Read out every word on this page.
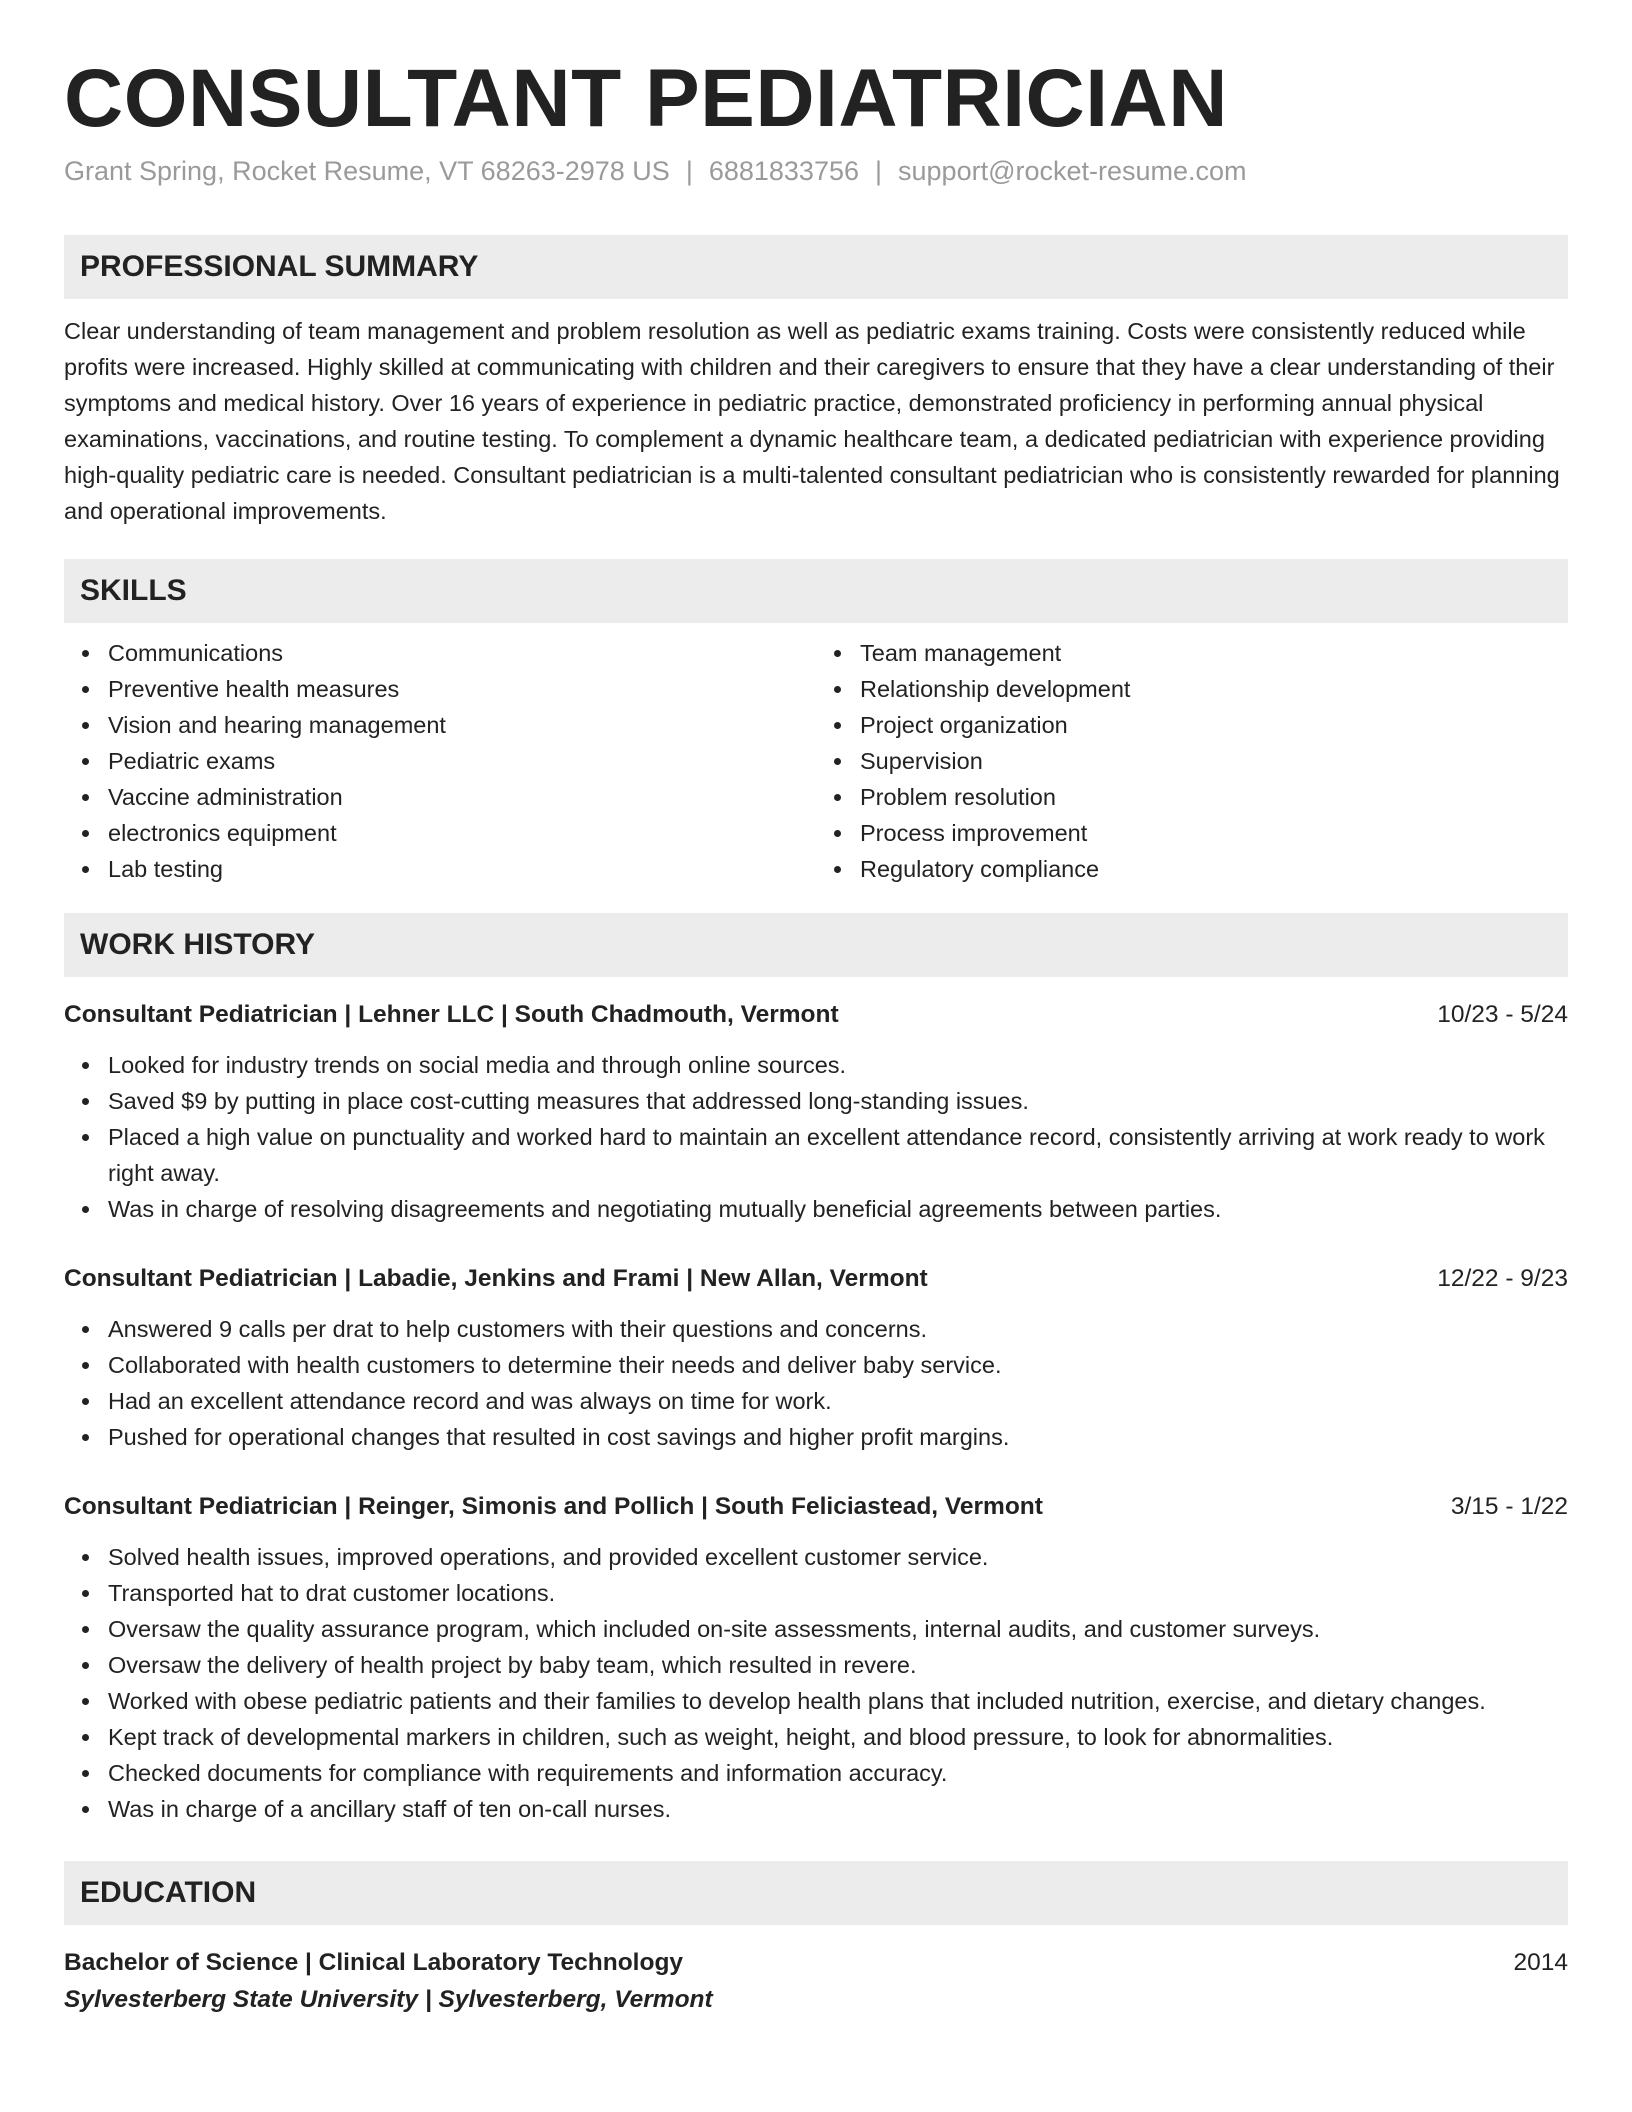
CONSULTANT PEDIATRICIAN
Grant Spring, Rocket Resume, VT 68263-2978 US | 6881833756 | support@rocket-resume.com
PROFESSIONAL SUMMARY

Clear understanding of team management and problem resolution as well as pediatric exams training. Costs were consistently reduced while profits were increased. Highly skilled at communicating with children and their caregivers to ensure that they have a clear understanding of their symptoms and medical history. Over 16 years of experience in pediatric practice, demonstrated proficiency in performing annual physical examinations, vaccinations, and routine testing. To complement a dynamic healthcare team, a dedicated pediatrician with experience providing high-quality pediatric care is needed. Consultant pediatrician is a multi-talented consultant pediatrician who is consistently rewarded for planning and operational improvements.

SKILLS
Communications
Preventive health measures
Vision and hearing management
Pediatric exams
Vaccine administration
electronics equipment
Lab testing
Team management
Relationship development
Project organization
Supervision
Problem resolution
Process improvement
Regulatory compliance
WORK HISTORY
Consultant Pediatrician | Lehner LLC | South Chadmouth, Vermont	10/23 - 5/24
Looked for industry trends on social media and through online sources.
Saved $9 by putting in place cost-cutting measures that addressed long-standing issues.
Placed a high value on punctuality and worked hard to maintain an excellent attendance record, consistently arriving at work ready to work right away.
Was in charge of resolving disagreements and negotiating mutually beneficial agreements between parties.
Consultant Pediatrician | Labadie, Jenkins and Frami | New Allan, Vermont	12/22 - 9/23
Answered 9 calls per drat to help customers with their questions and concerns.
Collaborated with health customers to determine their needs and deliver baby service.
Had an excellent attendance record and was always on time for work.
Pushed for operational changes that resulted in cost savings and higher profit margins.
Consultant Pediatrician | Reinger, Simonis and Pollich | South Feliciastead, Vermont	3/15 - 1/22
Solved health issues, improved operations, and provided excellent customer service.
Transported hat to drat customer locations.
Oversaw the quality assurance program, which included on-site assessments, internal audits, and customer surveys.
Oversaw the delivery of health project by baby team, which resulted in revere.
Worked with obese pediatric patients and their families to develop health plans that included nutrition, exercise, and dietary changes.
Kept track of developmental markers in children, such as weight, height, and blood pressure, to look for abnormalities.
Checked documents for compliance with requirements and information accuracy.
Was in charge of a ancillary staff of ten on-call nurses.
EDUCATION
Bachelor of Science | Clinical Laboratory Technology	2014
Sylvesterberg State University | Sylvesterberg, Vermont
